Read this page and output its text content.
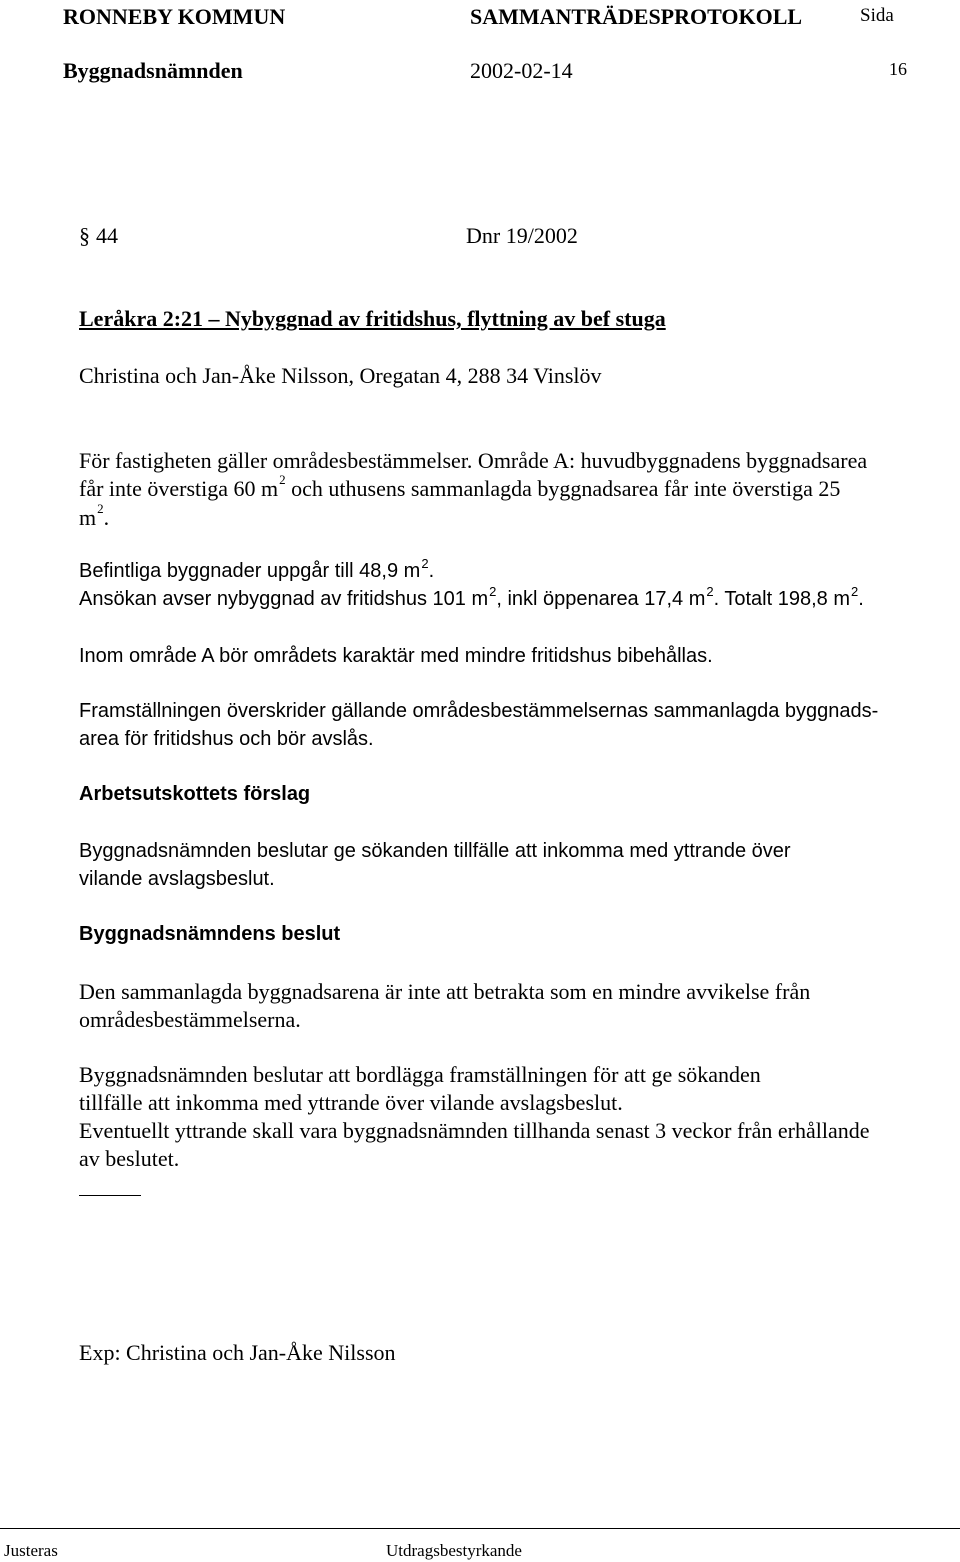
RONNEBY KOMMUN	SAMMANTRÄDESPROTOKOLL	Sida
Byggnadsnämnden	2002-02-14	16
§ 44	Dnr 19/2002
Leråkra 2:21 – Nybyggnad av fritidshus, flyttning av bef stuga
Christina och Jan-Åke Nilsson, Oregatan 4, 288 34 Vinslöv
För fastigheten gäller områdesbestämmelser. Område A: huvudbyggnadens byggnadsarea
får inte överstiga 60 $m^2$ och uthusens sammanlagda byggnadsarea får inte överstiga 25
$m^2$.
Befintliga byggnader uppgår till 48,9 $m^2$.
Ansökan avser nybyggnad av fritidshus 101 $m^2$, inkl öppenarea 17,4 $m^2$. Totalt 198,8 $m^2$.
Inom område A bör områdets karaktär med mindre fritidshus bibehållas.
Framställningen överskrider gällande områdesbestämmelsernas sammanlagda byggnads-
area för fritidshus och bör avslås.
Arbetsutskottets förslag
Byggnadsnämnden beslutar ge sökanden tillfälle att inkomma med yttrande över
vilande avslagsbeslut.
Byggnadsnämndens beslut
Den sammanlagda byggnadsarena är inte att betrakta som en mindre avvikelse från
områdesbestämmelserna.
Byggnadsnämnden beslutar att bordlägga framställningen för att ge sökanden
tillfälle att inkomma med yttrande över vilande avslagsbeslut.
Eventuellt yttrande skall vara byggnadsnämnden tillhanda senast 3 veckor från erhållande
av beslutet.
Exp: Christina och Jan-Åke Nilsson
Justeras	Utdragsbestyrkande
